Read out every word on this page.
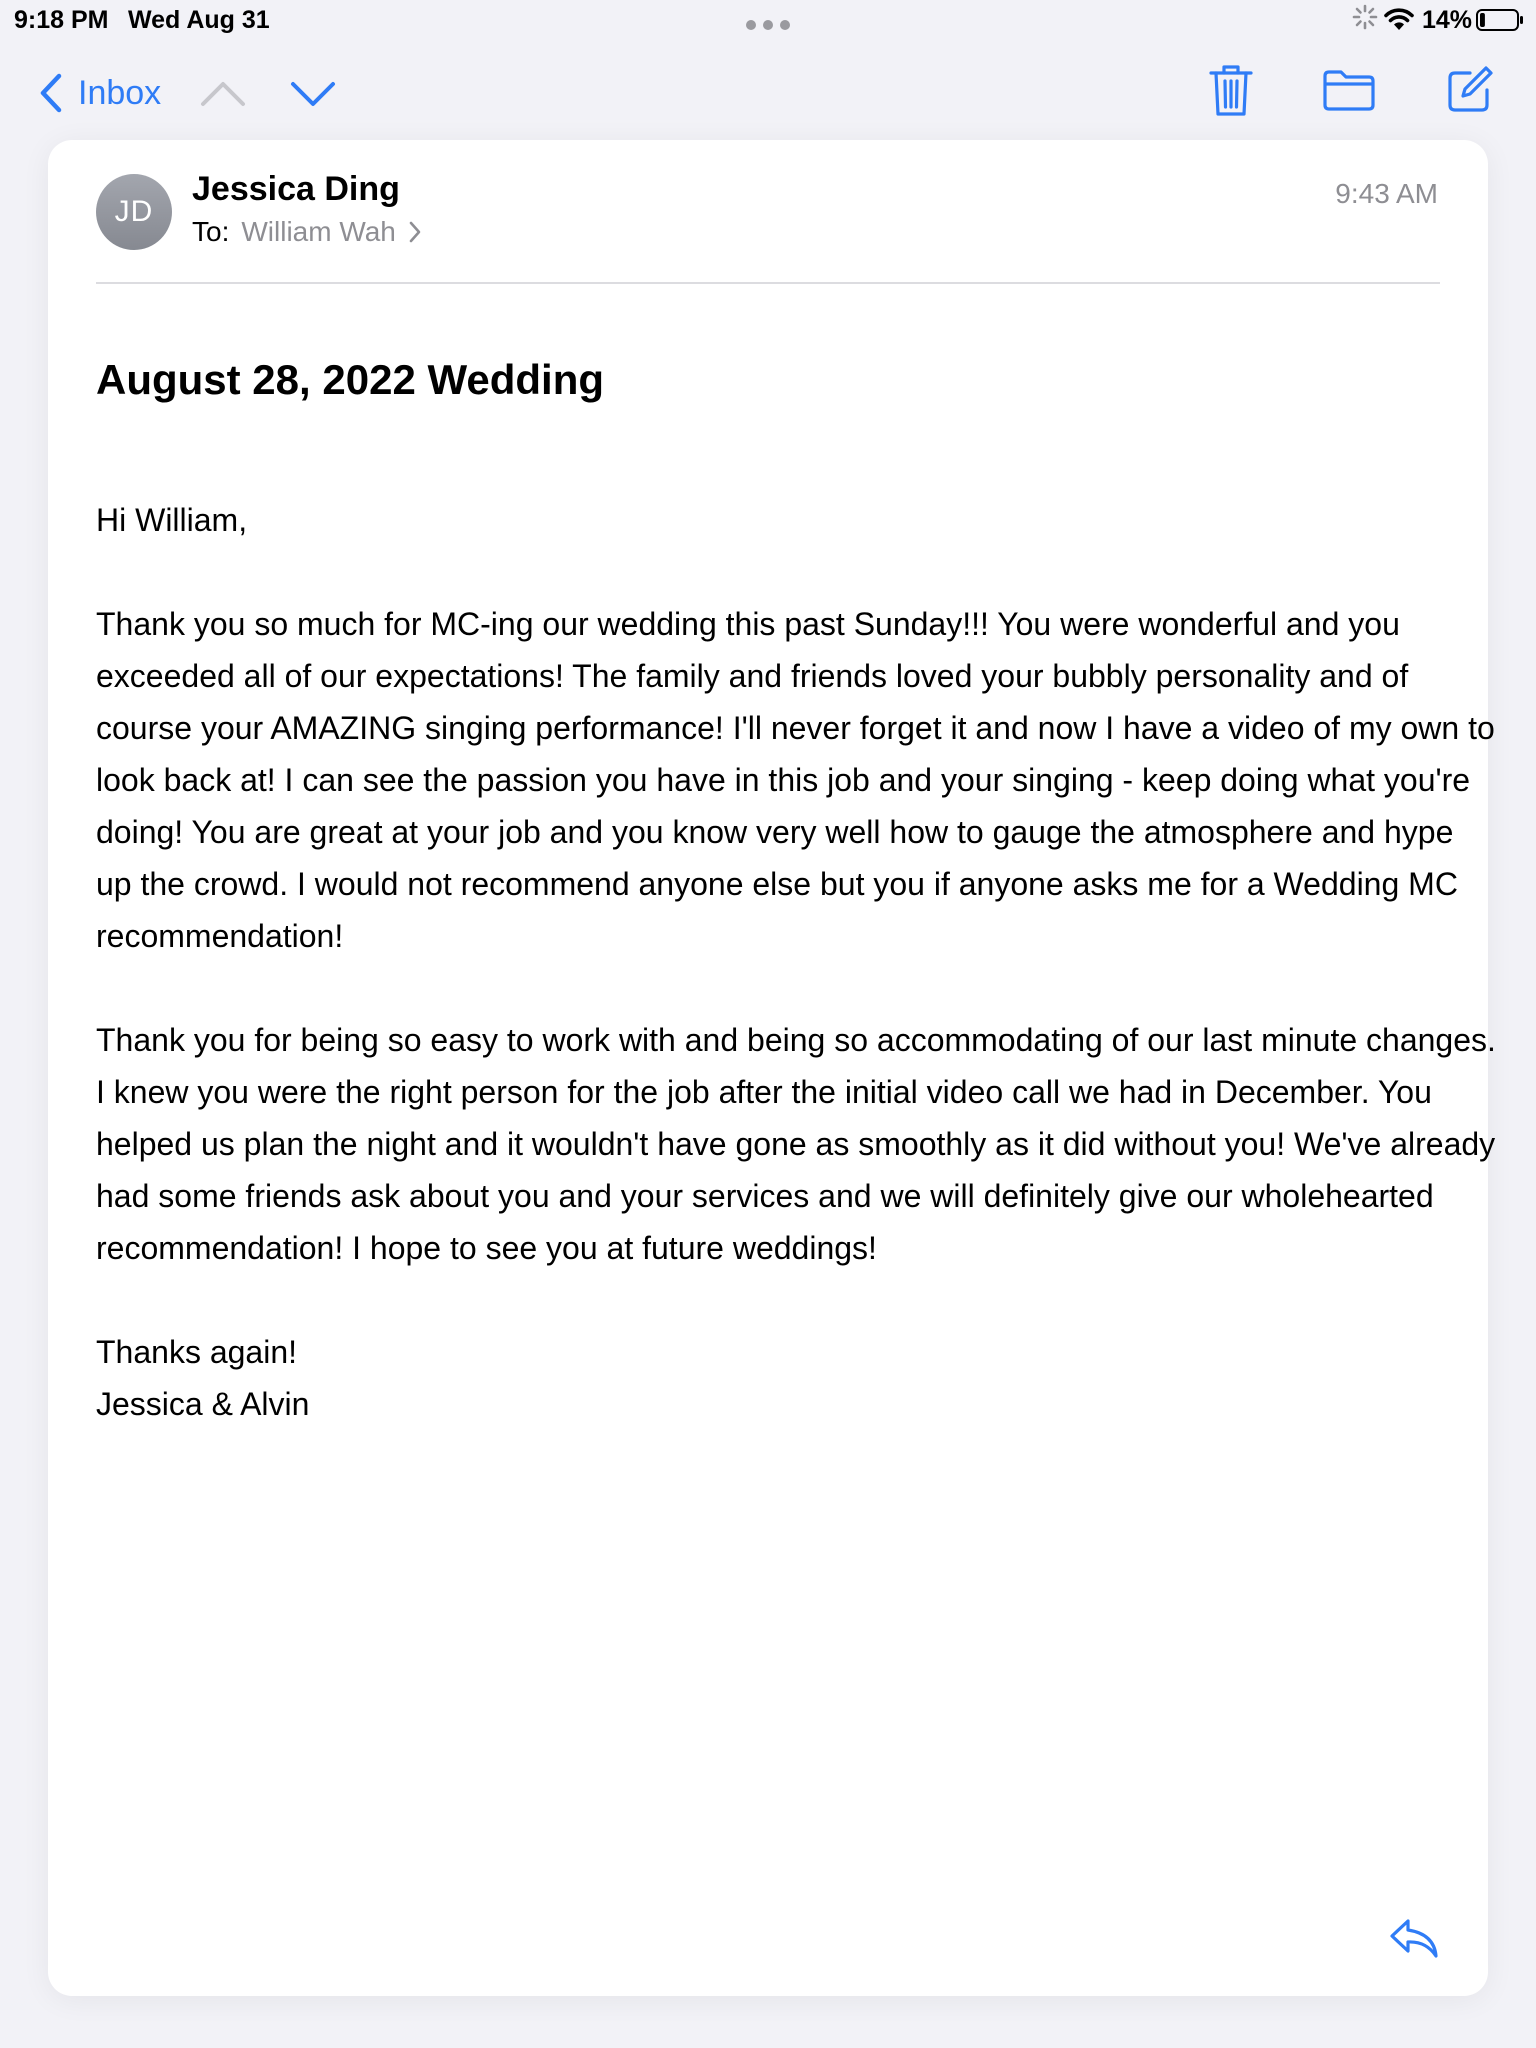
9:18 PM Wed Aug 31	14%
Inbox
JD
Jessica Ding
To: William Wah
9:43 AM
August 28, 2022 Wedding

Hi William,

Thank you so much for MC-ing our wedding this past Sunday!!! You were wonderful and you exceeded all of our expectations! The family and friends loved your bubbly personality and of course your AMAZING singing performance! I'll never forget it and now I have a video of my own to look back at! I can see the passion you have in this job and your singing - keep doing what you're doing! You are great at your job and you know very well how to gauge the atmosphere and hype up the crowd. I would not recommend anyone else but you if anyone asks me for a Wedding MC recommendation!

Thank you for being so easy to work with and being so accommodating of our last minute changes. I knew you were the right person for the job after the initial video call we had in December. You helped us plan the night and it wouldn't have gone as smoothly as it did without you! We've already had some friends ask about you and your services and we will definitely give our wholehearted recommendation! I hope to see you at future weddings!

Thanks again!

Jessica & Alvin
